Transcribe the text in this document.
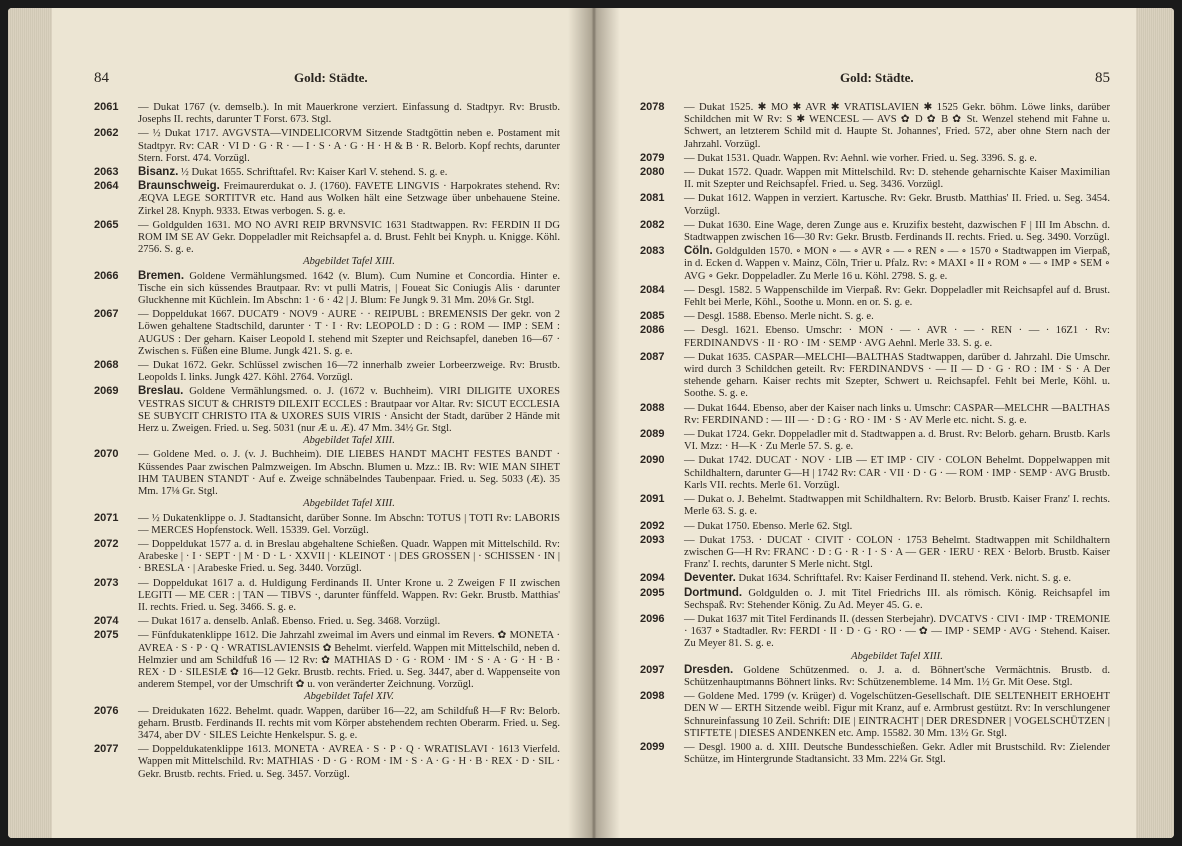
84	Gold: Städte.
2061 — Dukat 1767 (v. demselb.). In mit Mauerkrone verziert. Einfassung d. Stadtpyr. Rv: Brustb. Josephs II. rechts, darunter T Forst. 673. Stgl.
2062 — ½ Dukat 1717. AVGVSTA—VINDELICORVM Sitzende Stadtgöttin neben e. Postament mit Stadtpyr. Rv: CAR · VI D · G · R · — I · S · A · G · H · H & B · R. Belorb. Kopf rechts, darunter Stern. Forst. 474. Vorzügl.
2063 Bisanz. ½ Dukat 1655. Schrifttafel. Rv: Kaiser Karl V. stehend. S. g. e.
2064 Braunschweig. Freimaurerdukat o. J. (1760). FAVETE LINGVIS · Harpokrates stehend. Rv: ÆQVA LEGE SORTITVR etc. Hand aus Wolken hält eine Setzwage über unbehauene Steine. Zirkel 28. Knyph. 9333. Etwas verbogen. S. g. e.
2065 — Goldgulden 1631. MO NO AVRI REIP BRVNSVIC 1631 Stadtwappen. Rv: FERDIN II DG ROM IM SE AV Gekr. Doppeladler mit Reichsapfel a. d. Brust. Fehlt bei Knyph. u. Knigge. Köhl. 2756. S. g. e.
Abgebildet Tafel XIII.
2066 Bremen. Goldene Vermählungsmed. 1642 (v. Blum). Cum Numine et Concordia. Hinter e. Tische ein sich küssendes Brautpaar. Rv: vt pulli Matris, | Foueat Sic Coniugis Alis · darunter Gluckhenne mit Küchlein. Im Abschn: 1 · 6 · 42 | J. Blum: Fe Jungk 9. 31 Mm. 20⅛ Gr. Stgl.
2067 — Doppeldukat 1667. DUCAT9 · NOV9 · AURE · · REIPUBL : BREMENSIS Der gekr. von 2 Löwen gehaltene Stadtschild, darunter · T · I · Rv: LEOPOLD : D : G : ROM — IMP : SEM : AUGUS : Der geharn. Kaiser Leopold I. stehend mit Szepter und Reichsapfel, daneben 16—67 · Zwischen s. Füßen eine Blume. Jungk 421. S. g. e.
2068 — Dukat 1672. Gekr. Schlüssel zwischen 16—72 innerhalb zweier Lorbeerzweige. Rv: Brustb. Leopolds I. links. Jungk 427. Köhl. 2764. Vorzügl.
2069 Breslau. Goldene Vermählungsmed. o. J. (1672 v. Buchheim). VIRI DILIGITE UXORES VESTRAS SICUT & CHRIST9 DILEXIT ECCLES : Brautpaar vor Altar. Rv: SICUT ECCLESIA SE SUBYCIT CHRISTO ITA & UXORES SUIS VIRIS · Ansicht der Stadt, darüber 2 Hände mit Herz u. Zweigen. Fried. u. Seg. 5031 (nur Æ u. Æ). 47 Mm. 34½ Gr. Stgl.
Abgebildet Tafel XIII.
2070 — Goldene Med. o. J. (v. J. Buchheim). DIE LIEBES HANDT MACHT FESTES BANDT · Küssendes Paar zwischen Palmzweigen. Im Abschn. Blumen u. Mzz.: IB. Rv: WIE MAN SIHET IHM TAUBEN STANDT · Auf e. Zweige schnäbelndes Taubenpaar. Fried. u. Seg. 5033 (Æ). 35 Mm. 17⅛ Gr. Stgl.
Abgebildet Tafel XIII.
2071 — ½ Dukatenklippe o. J. Stadtansicht, darüber Sonne. Im Abschn: TOTUS | TOTI Rv: LABORIS — MERCES Hopfenstock. Well. 15339. Gel. Vorzügl.
2072 — Doppeldukat 1577 a. d. in Breslau abgehaltene Schießen. Quadr. Wappen mit Mittelschild. Rv: Arabeske | · I · SEPT · | M · D · L · XXVII | · KLEINOT · | DES GROSSEN | · SCHISSEN · IN | · BRESLA · | Arabeske Fried. u. Seg. 3440. Vorzügl.
2073 — Doppeldukat 1617 a. d. Huldigung Ferdinands II. Unter Krone u. 2 Zweigen F II zwischen LEGITI — ME CER : | TAN — TIBVS ·, darunter fünffeld. Wappen. Rv: Gekr. Brustb. Matthias' II. rechts. Fried. u. Seg. 3466. S. g. e.
2074 — Dukat 1617 a. denselb. Anlaß. Ebenso. Fried. u. Seg. 3468. Vorzügl.
2075 — Fünfdukatenklippe 1612. Die Jahrzahl zweimal im Avers und einmal im Revers. ✿ MONETA · AVREA · S · P · Q · WRATISLAVIENSIS ✿ Behelmt. vierfeld. Wappen mit Mittelschild, neben d. Helmzier und am Schildfuß 16 — 12 Rv: ✿ MATHIAS D · G · ROM · IM · S · A · G · H · B · REX · D · SILESIÆ ✿ 16—12 Gekr. Brustb. rechts. Fried. u. Seg. 3447, aber d. Wappenseite von anderem Stempel, vor der Umschrift ✿ u. von veränderter Zeichnung. Vorzügl.
Abgebildet Tafel XIV.
2076 — Dreidukaten 1622. Behelmt. quadr. Wappen, darüber 16—22, am Schildfuß H—F Rv: Belorb. geharn. Brustb. Ferdinands II. rechts mit vom Körper abstehendem rechten Oberarm. Fried. u. Seg. 3474, aber DV · SILES Leichte Henkelspur. S. g. e.
2077 — Doppeldukatenklippe 1613. MONETA · AVREA · S · P · Q · WRATISLAVI · 1613 Vierfeld. Wappen mit Mittelschild. Rv: MATHIAS · D · G · ROM · IM · S · A · G · H · B · REX · D · SIL · Gekr. Brustb. rechts. Fried. u. Seg. 3457. Vorzügl.
Gold: Städte.	85
2078 — Dukat 1525. ✱ MO ✱ AVR ✱ VRATISLAVIEN ✱ 1525 Gekr. böhm. Löwe links, darüber Schildchen mit W Rv: S ✱ WENCESL — AVS ✿ D ✿ B ✿ St. Wenzel stehend mit Fahne u. Schwert, an letzterem Schild mit d. Haupte St. Johannes', Fried. 572, aber ohne Stern nach der Jahrzahl. Vorzügl.
2079 — Dukat 1531. Quadr. Wappen. Rv: Aehnl. wie vorher. Fried. u. Seg. 3396. S. g. e.
2080 — Dukat 1572. Quadr. Wappen mit Mittelschild. Rv: D. stehende geharnischte Kaiser Maximilian II. mit Szepter und Reichsapfel. Fried. u. Seg. 3436. Vorzügl.
2081 — Dukat 1612. Wappen in verziert. Kartusche. Rv: Gekr. Brustb. Matthias' II. Fried. u. Seg. 3454. Vorzügl.
2082 — Dukat 1630. Eine Wage, deren Zunge aus e. Kruzifix besteht, dazwischen F | III Im Abschn. d. Stadtwappen zwischen 16—30 Rv: Gekr. Brustb. Ferdinands II. rechts. Fried. u. Seg. 3490. Vorzügl.
2083 Cöln. Goldgulden 1570. ∘ MON ∘ — ∘ AVR ∘ — ∘ REN ∘ — ∘ 1570 ∘ Stadtwappen im Vierpaß, in d. Ecken d. Wappen v. Mainz, Cöln, Trier u. Pfalz. Rv: ∘ MAXI ∘ II ∘ ROM ∘ — ∘ IMP ∘ SEM ∘ AVG ∘ Gekr. Doppeladler. Zu Merle 16 u. Köhl. 2798. S. g. e.
2084 — Desgl. 1582. 5 Wappenschilde im Vierpaß. Rv: Gekr. Doppeladler mit Reichsapfel auf d. Brust. Fehlt bei Merle, Köhl., Soothe u. Monn. en or. S. g. e.
2085 — Desgl. 1588. Ebenso. Merle nicht. S. g. e.
2086 — Desgl. 1621. Ebenso. Umschr: · MON · — · AVR · — · REN · — · 16Z1 · Rv: FERDINANDVS · II · RO · IM · SEMP · AVG Aehnl. Merle 33. S. g. e.
2087 — Dukat 1635. CASPAR—MELCHI—BALTHAS Stadtwappen, darüber d. Jahrzahl. Die Umschr. wird durch 3 Schildchen geteilt. Rv: FERDINANDVS · — II — D · G · RO : IM · S · A Der stehende geharn. Kaiser rechts mit Szepter, Schwert u. Reichsapfel. Fehlt bei Merle, Köhl. u. Soothe. S. g. e.
2088 — Dukat 1644. Ebenso, aber der Kaiser nach links u. Umschr: CASPAR—MELCHR —BALTHAS Rv: FERDINAND : — III — · D : G · RO · IM · S · AV Merle etc. nicht. S. g. e.
2089 — Dukat 1724. Gekr. Doppeladler mit d. Stadtwappen a. d. Brust. Rv: Belorb. geharn. Brustb. Karls VI. Mzz: · H—K · Zu Merle 57. S. g. e.
2090 — Dukat 1742. DUCAT · NOV · LIB — ET IMP · CIV · COLON Behelmt. Doppelwappen mit Schildhaltern, darunter G—H | 1742 Rv: CAR · VII · D · G · — ROM · IMP · SEMP · AVG Brustb. Karls VII. rechts. Merle 61. Vorzügl.
2091 — Dukat o. J. Behelmt. Stadtwappen mit Schildhaltern. Rv: Belorb. Brustb. Kaiser Franz' I. rechts. Merle 63. S. g. e.
2092 — Dukat 1750. Ebenso. Merle 62. Stgl.
2093 — Dukat 1753. · DUCAT · CIVIT · COLON · 1753 Behelmt. Stadtwappen mit Schildhaltern zwischen G—H Rv: FRANC · D : G · R · I · S · A — GER · IERU · REX · Belorb. Brustb. Kaiser Franz' I. rechts, darunter S Merle nicht. Stgl.
2094 Deventer. Dukat 1634. Schrifttafel. Rv: Kaiser Ferdinand II. stehend. Verk. nicht. S. g. e.
2095 Dortmund. Goldgulden o. J. mit Titel Friedrichs III. als römisch. König. Reichsapfel im Sechspaß. Rv: Stehender König. Zu Ad. Meyer 45. G. e.
2096 — Dukat 1637 mit Titel Ferdinands II. (dessen Sterbejahr). DVCATVS · CIVI · IMP · TREMONIE · 1637 ∘ Stadtadler. Rv: FERDI · II · D · G · RO · — ✿ — IMP · SEMP · AVG · Stehend. Kaiser. Zu Meyer 81. S. g. e.
Abgebildet Tafel XIII.
2097 Dresden. Goldene Schützenmed. o. J. a. d. Böhnert'sche Vermächtnis. Brustb. d. Schützenhauptmanns Böhnert links. Rv: Schützenembleme. 14 Mm. 1½ Gr. Mit Oese. Stgl.
2098 — Goldene Med. 1799 (v. Krüger) d. Vogelschützen-Gesellschaft. DIE SELTENHEIT ERHOEHT DEN W — ERTH Sitzende weibl. Figur mit Kranz, auf e. Armbrust gestützt. Rv: In verschlungener Schnureinfassung 10 Zeil. Schrift: DIE | EINTRACHT | DER DRESDNER | VOGELSCHÜTZEN | STIFTETE | DIESES ANDENKEN etc. Amp. 15582. 30 Mm. 13½ Gr. Stgl.
2099 — Desgl. 1900 a. d. XIII. Deutsche Bundesschießen. Gekr. Adler mit Brustschild. Rv: Zielender Schütze, im Hintergrunde Stadtansicht. 33 Mm. 22¼ Gr. Stgl.
